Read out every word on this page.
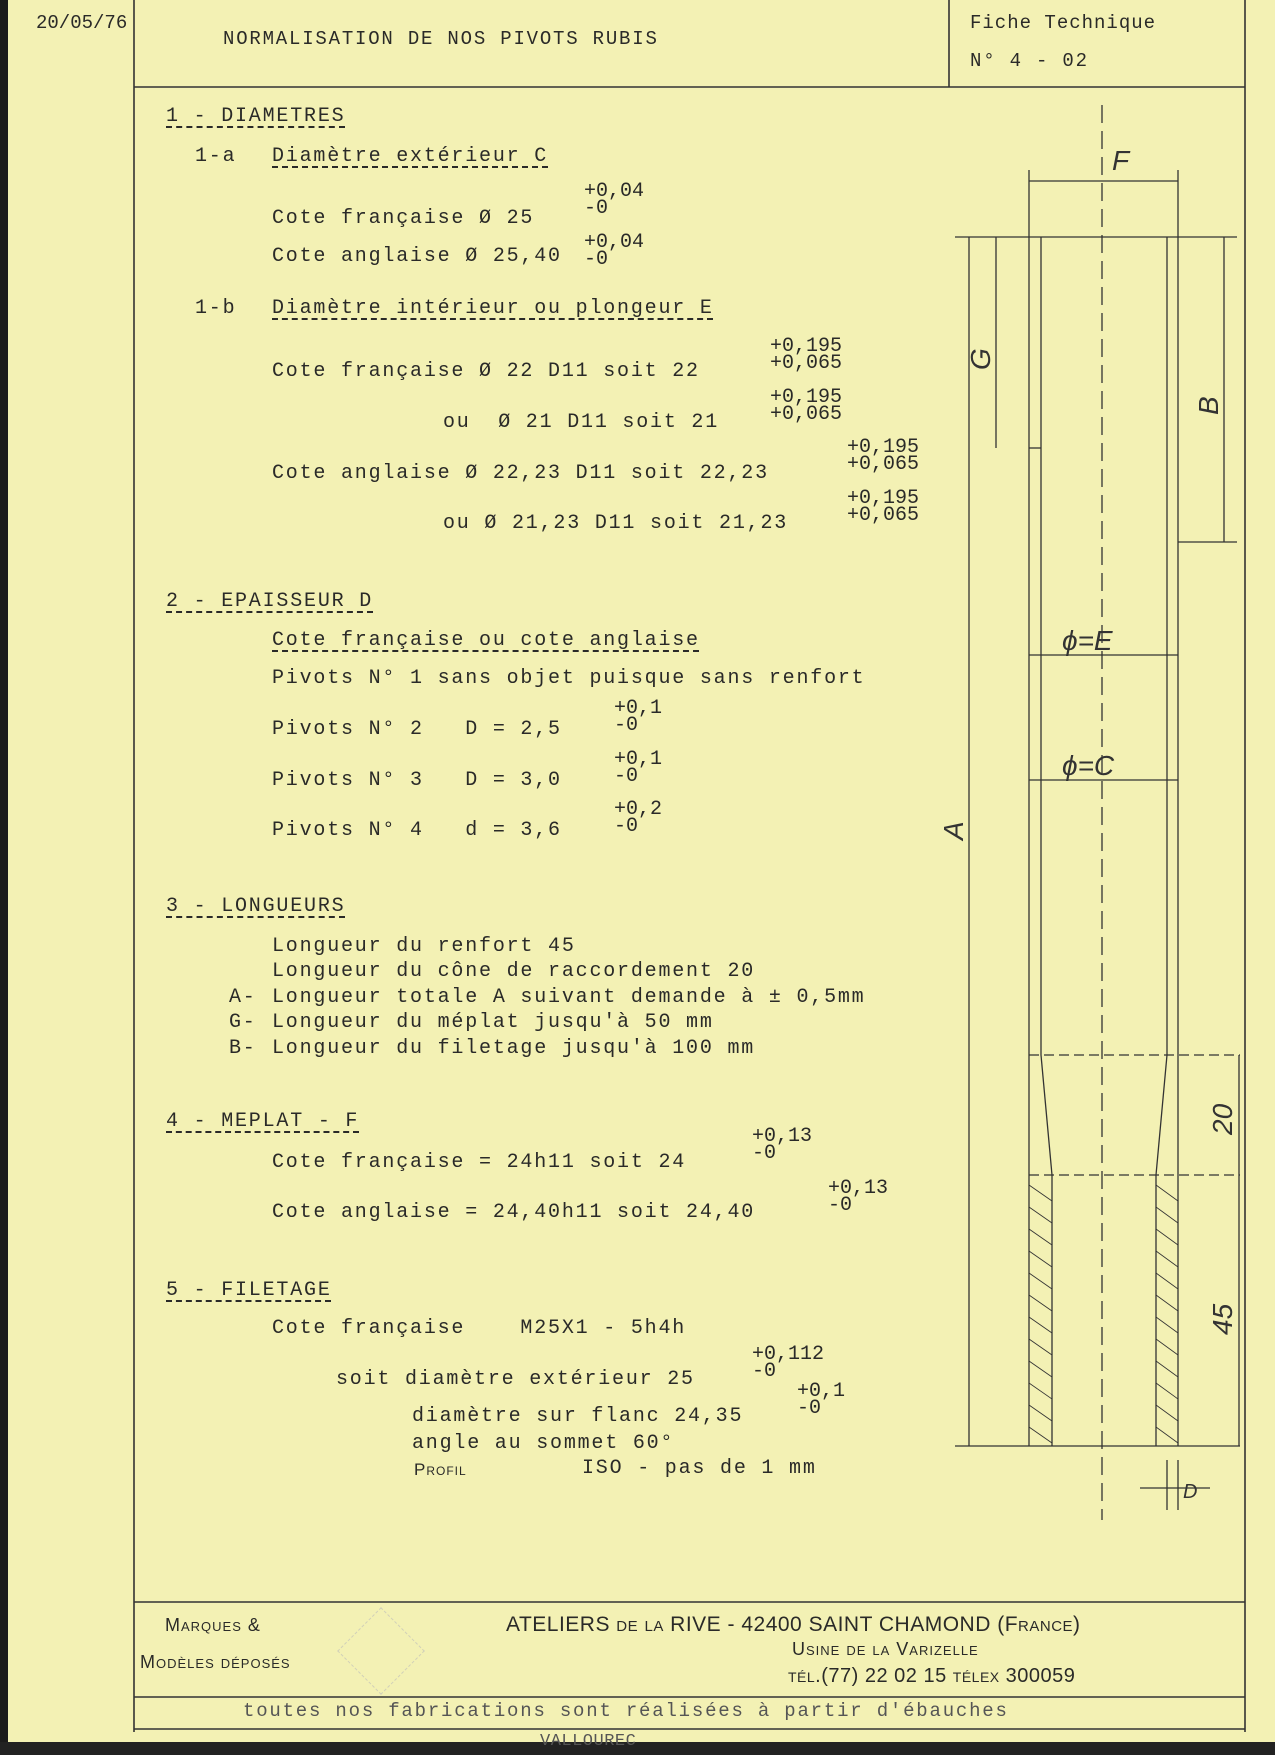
F
G
B
A
ϕ=E
ϕ=C
20
45
D
20/05/76
NORMALISATION DE NOS PIVOTS RUBIS
Fiche Technique
N° 4 - 02
1 - DIAMETRES
1-a Diamètre extérieur C
Cote française Ø 25
+0,04
-0
Cote anglaise Ø 25,40
+0,04
-0
1-b Diamètre intérieur ou plongeur E
Cote française Ø 22 D11 soit 22
+0,195
+0,065
ou  Ø 21 D11 soit 21
+0,195
+0,065
Cote anglaise Ø 22,23 D11 soit 22,23
+0,195
+0,065
ou Ø 21,23 D11 soit 21,23
+0,195
+0,065
2 - EPAISSEUR D
Cote française ou cote anglaise
Pivots N° 1 sans objet puisque sans renfort
Pivots N° 2   D = 2,5
+0,1
-0
Pivots N° 3   D = 3,0
+0,1
-0
Pivots N° 4   d = 3,6
+0,2
-0
3 - LONGUEURS
Longueur du renfort 45
Longueur du cône de raccordement 20
A- Longueur totale A suivant demande à ± 0,5mm
G- Longueur du méplat jusqu'à 50 mm
B- Longueur du filetage jusqu'à 100 mm
4 - MEPLAT - F
Cote française = 24h11 soit 24
+0,13
-0
Cote anglaise = 24,40h11 soit 24,40
+0,13
-0
5 - FILETAGE
Cote française    M25X1 - 5h4h
soit diamètre extérieur 25
+0,112
-0
diamètre sur flanc 24,35
+0,1
-0
angle au sommet 60°
Profil	ISO - pas de 1 mm
Marques &
Modèles déposés
ATELIERS de la RIVE - 42400 SAINT CHAMOND (France)
Usine de la Varizelle
tél.(77) 22 02 15 télex 300059
toutes nos fabrications sont réalisées à partir d'ébauches
VALLOUREC
